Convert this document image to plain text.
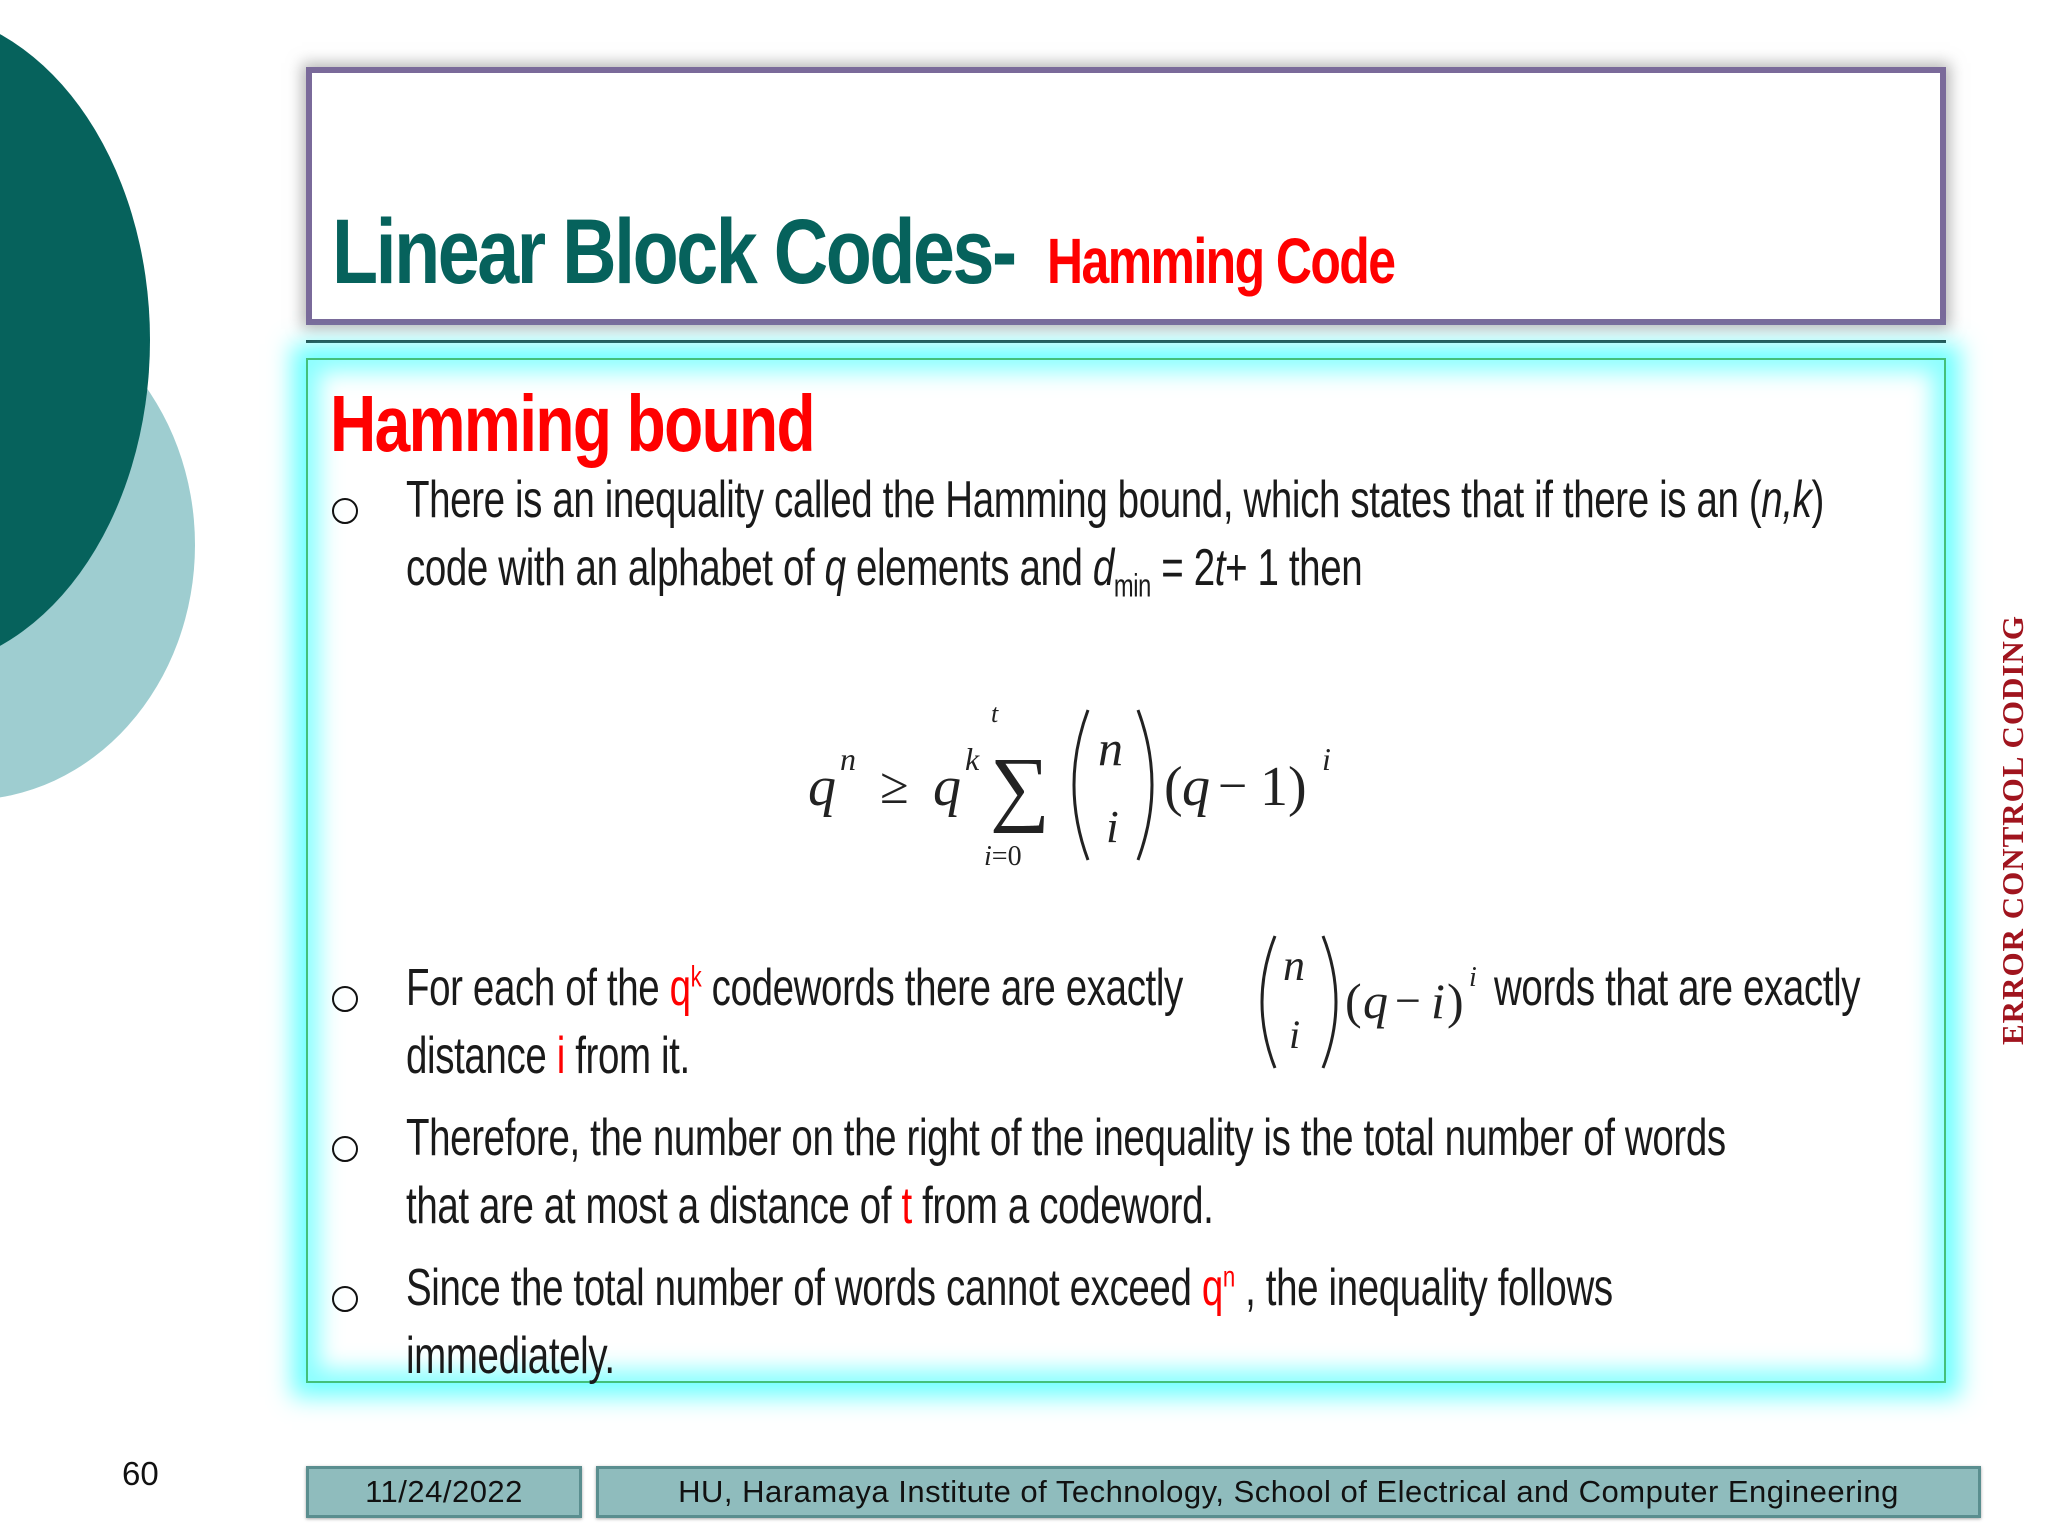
Linear Block Codes- Hamming Code
Hamming bound
There is an inequality called the Hamming bound, which states that if there is an (n,k)
code with an alphabet of q elements and $d_{min} = 2t+ 1$ then
q n ≥ q k
t
∑
i=0
n
i
( q − 1) i
For each of the $q^k$ codewords there are exactly n
i
( q − i ) i words that are exactly
distance i from it.
Therefore, the number on the right of the inequality is the total number of words
that are at most a distance of t from a codeword.
Since the total number of words cannot exceed $q^n$ , the inequality follows
immediately.
ERROR CONTROL CODING
60	11/24/2022	HU, Haramaya Institute of Technology, School of Electrical and Computer Engineering
